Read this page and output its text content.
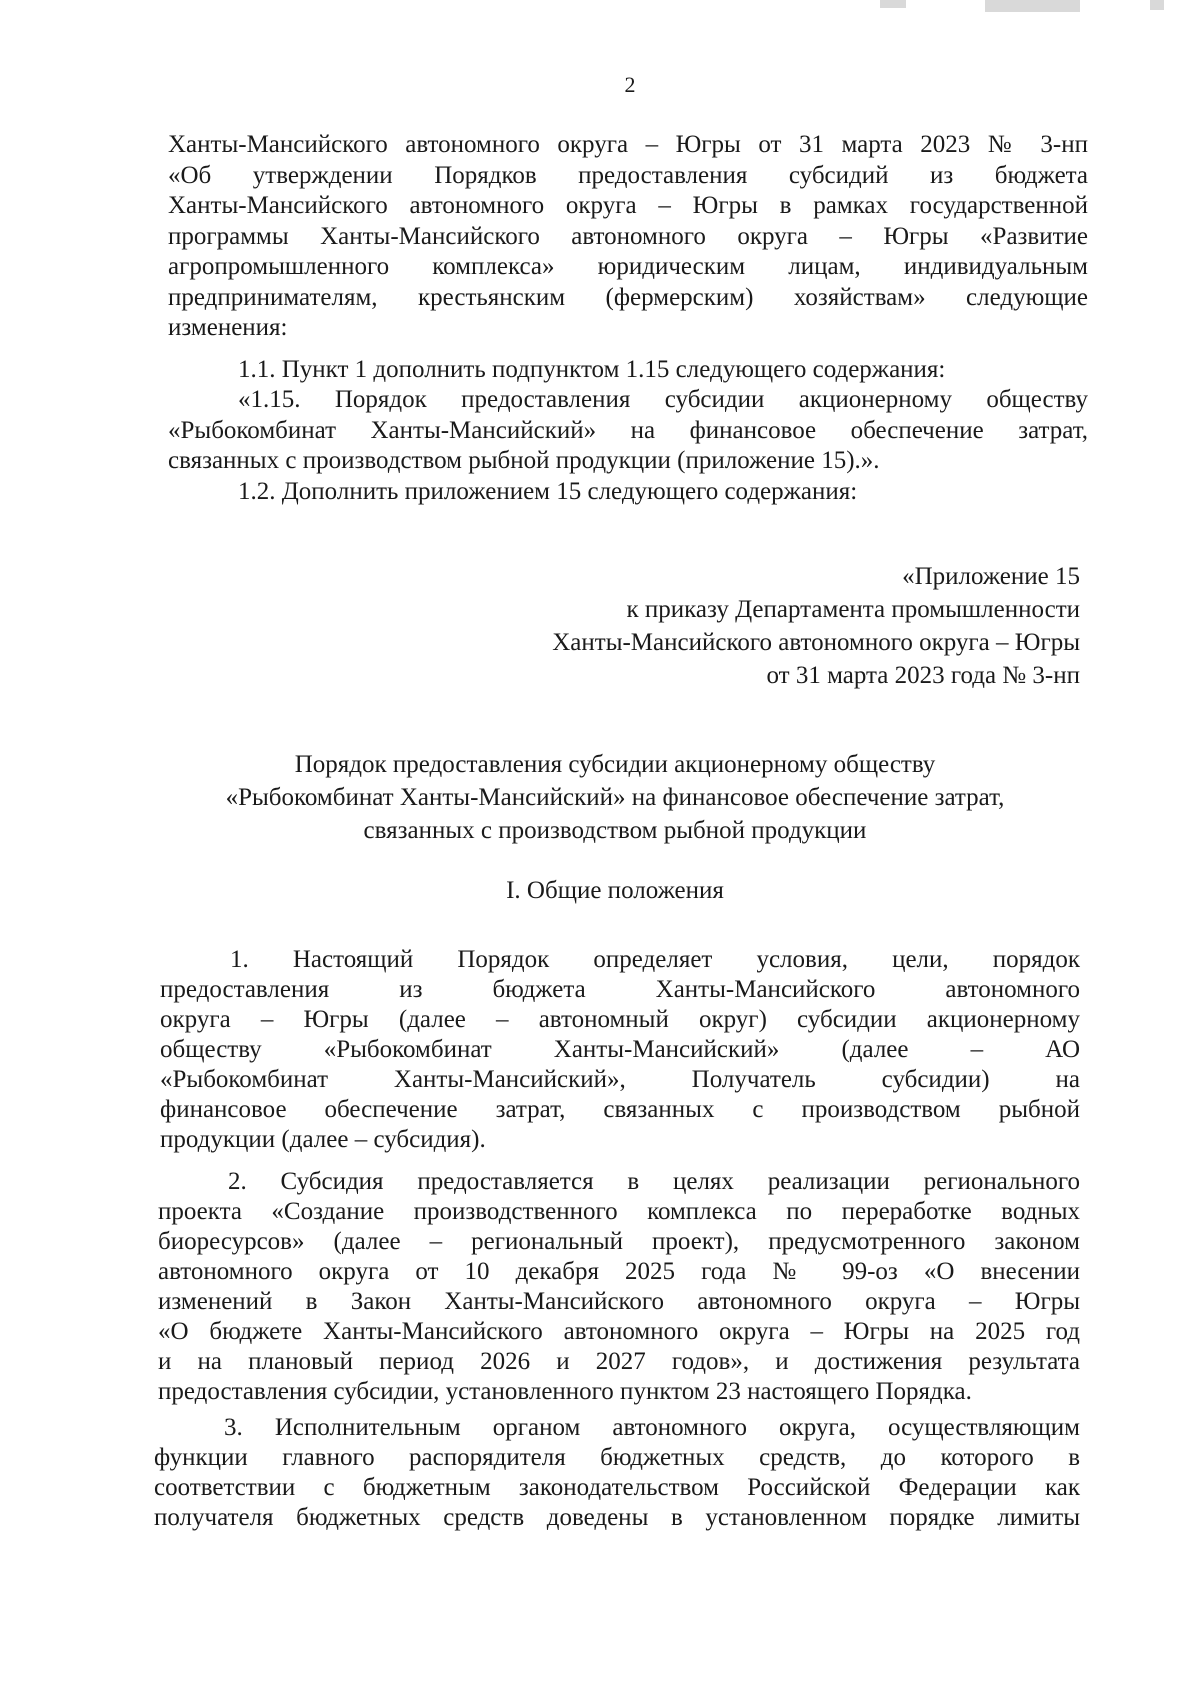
2
Ханты-Мансийского автономного округа – Югры от 31 марта 2023 № 3-нп
«Об утверждении Порядков предоставления субсидий из бюджета
Ханты-Мансийского автономного округа – Югры в рамках государственной
программы Ханты-Мансийского автономного округа – Югры «Развитие
агропромышленного комплекса» юридическим лицам, индивидуальным
предпринимателям, крестьянским (фермерским) хозяйствам» следующие
изменения:
1.1. Пункт 1 дополнить подпунктом 1.15 следующего содержания:
«1.15. Порядок предоставления субсидии акционерному обществу
«Рыбокомбинат Ханты-Мансийский» на финансовое обеспечение затрат,
связанных с производством рыбной продукции (приложение 15).».
1.2. Дополнить приложением 15 следующего содержания:
«Приложение 15
к приказу Департамента промышленности
Ханты-Мансийского автономного округа – Югры
от 31 марта 2023 года № 3-нп
Порядок предоставления субсидии акционерному обществу
«Рыбокомбинат Ханты-Мансийский» на финансовое обеспечение затрат,
связанных с производством рыбной продукции
I. Общие положения
1. Настоящий Порядок определяет условия, цели, порядок
предоставления из бюджета Ханты-Мансийского автономного
округа – Югры (далее – автономный округ) субсидии акционерному
обществу «Рыбокомбинат Ханты-Мансийский» (далее – АО
«Рыбокомбинат Ханты-Мансийский», Получатель субсидии) на
финансовое обеспечение затрат, связанных с производством рыбной
продукции (далее – субсидия).
2. Субсидия предоставляется в целях реализации регионального
проекта «Создание производственного комплекса по переработке водных
биоресурсов» (далее – региональный проект), предусмотренного законом
автономного округа от 10 декабря 2025 года № 99-оз «О внесении
изменений в Закон Ханты-Мансийского автономного округа – Югры
«О бюджете Ханты-Мансийского автономного округа – Югры на 2025 год
и на плановый период 2026 и 2027 годов», и достижения результата
предоставления субсидии, установленного пунктом 23 настоящего Порядка.
3. Исполнительным органом автономного округа, осуществляющим
функции главного распорядителя бюджетных средств, до которого в
соответствии с бюджетным законодательством Российской Федерации как
получателя бюджетных средств доведены в установленном порядке лимиты
